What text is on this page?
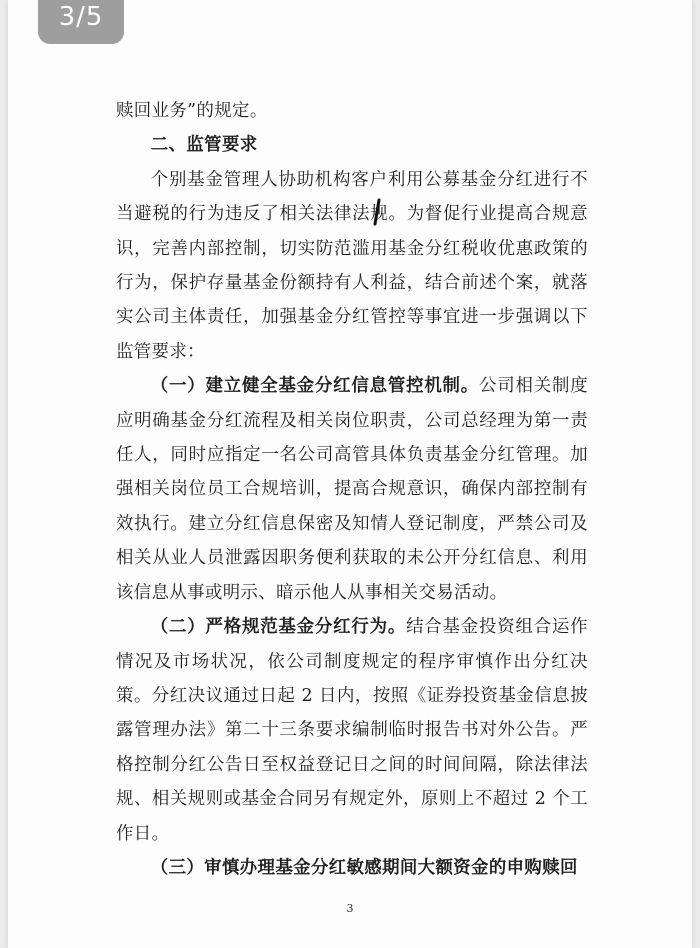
3/5

赎回业务”的规定。

二、监管要求

个别基金管理人协助机构客户利用公募基金分红进行不当避税的行为违反了相关法律法规。为督促行业提高合规意识，完善内部控制，切实防范滥用基金分红税收优惠政策的行为，保护存量基金份额持有人利益，结合前述个案，就落实公司主体责任，加强基金分红管控等事宜进一步强调以下监管要求：

（一）建立健全基金分红信息管控机制。公司相关制度应明确基金分红流程及相关岗位职责，公司总经理为第一责任人，同时应指定一名公司高管具体负责基金分红管理。加强相关岗位员工合规培训，提高合规意识，确保内部控制有效执行。建立分红信息保密及知情人登记制度，严禁公司及相关从业人员泄露因职务便利获取的未公开分红信息、利用该信息从事或明示、暗示他人从事相关交易活动。

（二）严格规范基金分红行为。结合基金投资组合运作情况及市场状况，依公司制度规定的程序审慎作出分红决策。分红决议通过日起 2 日内，按照《证券投资基金信息披露管理办法》第二十三条要求编制临时报告书对外公告。严格控制分红公告日至权益登记日之间的时间间隔，除法律法规、相关规则或基金合同另有规定外，原则上不超过 2 个工作日。

（三）审慎办理基金分红敏感期间大额资金的申购赎回

3
